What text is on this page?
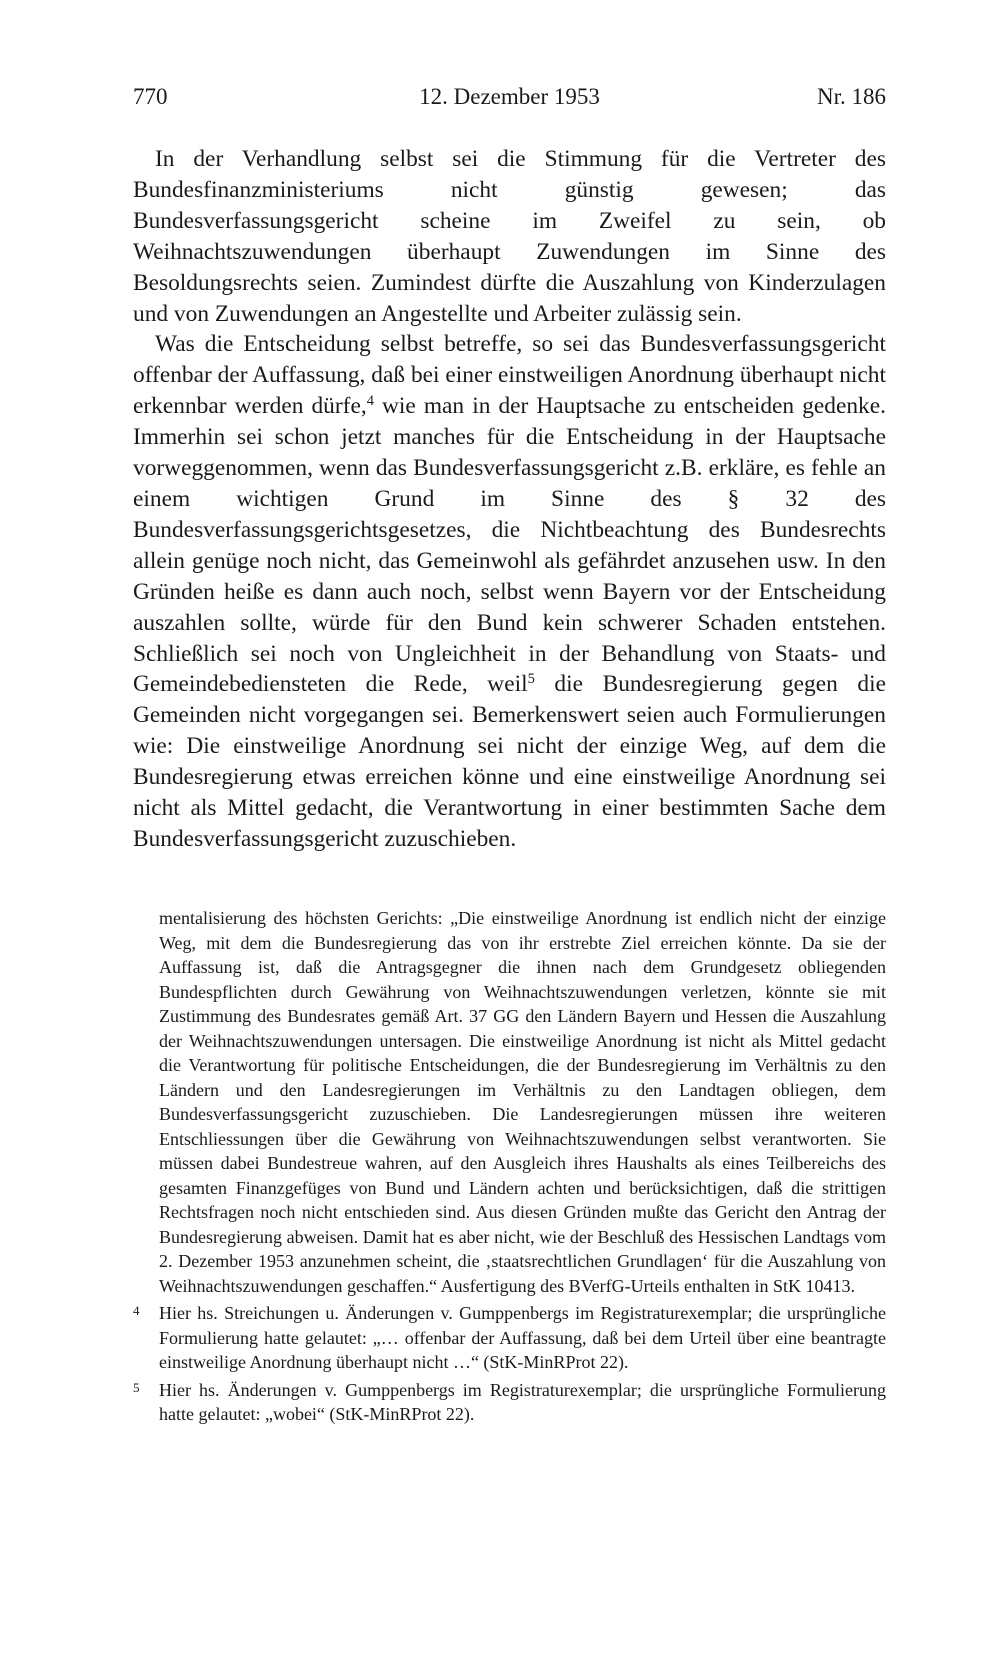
770	12. Dezember 1953	Nr. 186

In der Verhandlung selbst sei die Stimmung für die Vertreter des Bundesfinanzministeriums nicht günstig gewesen; das Bundesverfassungsgericht scheine im Zweifel zu sein, ob Weihnachtszuwendungen überhaupt Zuwendungen im Sinne des Besoldungsrechts seien. Zumindest dürfte die Auszahlung von Kinderzulagen und von Zuwendungen an Angestellte und Arbeiter zulässig sein.

Was die Entscheidung selbst betreffe, so sei das Bundesverfassungsgericht offenbar der Auffassung, daß bei einer einstweiligen Anordnung überhaupt nicht erkennbar werden dürfe,$^4$ wie man in der Hauptsache zu entscheiden gedenke. Immerhin sei schon jetzt manches für die Entscheidung in der Hauptsache vorweggenommen, wenn das Bundesverfassungsgericht z.B. erkläre, es fehle an einem wichtigen Grund im Sinne des § 32 des Bundesverfassungsgerichtsgesetzes, die Nichtbeachtung des Bundesrechts allein genüge noch nicht, das Gemeinwohl als gefährdet anzusehen usw. In den Gründen heiße es dann auch noch, selbst wenn Bayern vor der Entscheidung auszahlen sollte, würde für den Bund kein schwerer Schaden entstehen. Schließlich sei noch von Ungleichheit in der Behandlung von Staats- und Gemeindebediensteten die Rede, weil$^5$ die Bundesregierung gegen die Gemeinden nicht vorgegangen sei. Bemerkenswert seien auch Formulierungen wie: Die einstweilige Anordnung sei nicht der einzige Weg, auf dem die Bundesregierung etwas erreichen könne und eine einstweilige Anordnung sei nicht als Mittel gedacht, die Verantwortung in einer bestimmten Sache dem Bundesverfassungsgericht zuzuschieben.

mentalisierung des höchsten Gerichts: „Die einstweilige Anordnung ist endlich nicht der einzige Weg, mit dem die Bundesregierung das von ihr erstrebte Ziel erreichen könnte. Da sie der Auffassung ist, daß die Antragsgegner die ihnen nach dem Grundgesetz obliegenden Bundespflichten durch Gewährung von Weihnachtszuwendungen verletzen, könnte sie mit Zustimmung des Bundesrates gemäß Art. 37 GG den Ländern Bayern und Hessen die Auszahlung der Weihnachtszuwendungen untersagen. Die einstweilige Anordnung ist nicht als Mittel gedacht die Verantwortung für politische Entscheidungen, die der Bundesregierung im Verhältnis zu den Ländern und den Landesregierungen im Verhältnis zu den Landtagen obliegen, dem Bundesverfassungsgericht zuzuschieben. Die Landesregierungen müssen ihre weiteren Entschliessungen über die Gewährung von Weihnachtszuwendungen selbst verantworten. Sie müssen dabei Bundestreue wahren, auf den Ausgleich ihres Haushalts als eines Teilbereichs des gesamten Finanzgefüges von Bund und Ländern achten und berücksichtigen, daß die strittigen Rechtsfragen noch nicht entschieden sind. Aus diesen Gründen mußte das Gericht den Antrag der Bundesregierung abweisen. Damit hat es aber nicht, wie der Beschluß des Hessischen Landtags vom 2. Dezember 1953 anzunehmen scheint, die ‚staatsrechtlichen Grundlagen‘ für die Auszahlung von Weihnachtszuwendungen geschaffen.“ Ausfertigung des BVerfG-Urteils enthalten in StK 10413.

4 Hier hs. Streichungen u. Änderungen v. Gumppenbergs im Registraturexemplar; die ursprüngliche Formulierung hatte gelautet: „… offenbar der Auffassung, daß bei dem Urteil über eine beantragte einstweilige Anordnung überhaupt nicht …“ (StK-MinRProt 22).

5 Hier hs. Änderungen v. Gumppenbergs im Registraturexemplar; die ursprüngliche Formulierung hatte gelautet: „wobei“ (StK-MinRProt 22).
